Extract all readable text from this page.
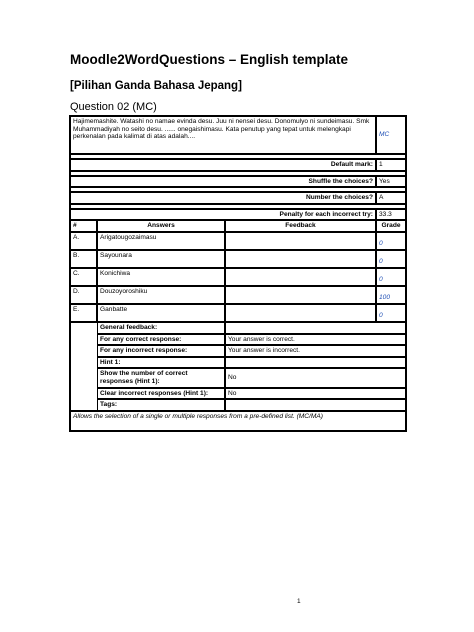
Moodle2WordQuestions – English template
[Pilihan Ganda Bahasa Jepang]
Question 02 (MC)
Hajimemashite. Watashi no namae evinda desu. Juu ni nensei desu. Donomulyo ni sundeimasu. Smk Muhammadiyah no seito desu. ...... onegaishimasu. Kata penutup yang tepat untuk melengkapi perkenalan pada kalimat di atas adalah....			MC

Default mark:			1

Shuffle the choices?			Yes

Number the choices?			A

Penalty for each incorrect try:			33.3
#	Answers	Feedback	Grade
A.	Arigatougozaimasu		0
B.	Sayounara		0
C.	Konichiwa		0
D.	Douzoyoroshiku		100
E.	Ganbatte		0
	General feedback:		
	For any correct response:	Your answer is correct.	
	For any incorrect response:	Your answer is incorrect.	
	Hint 1:		
	Show the number of correct responses (Hint 1):	No	
	Clear incorrect responses (Hint 1):	No	
	Tags:		
Allows the selection of a single or multiple responses from a pre-defined list. (MC/MA)			
1
